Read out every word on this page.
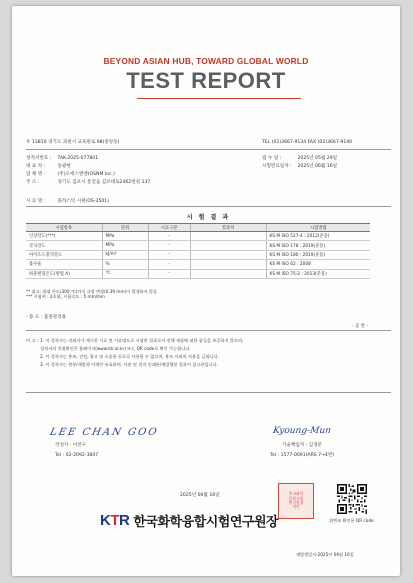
BEYOND ASIAN HUB, TOWARD GLOBAL WORLD
TEST REPORT
우 13810 경기도 과천시 교육원로 98(중앙동)	TEL (02)3667-9134 FAX (02)3667-9140
성적서번호 : TAK-2025-077801
대 표 자 :	송광현
업 체 명 :	(주)오에스엔엔(OSNM Inc.)
주 소 :	경기도 김포시 통진읍 김포대로2462번길 137
접 수 일 :	2025년 05월 29일
시험완료일자 : 2025년 06월 16일
시 료 명 :	플라스틱 시편(OS-2501)
시 험 결 과
시험항목	단위	시료구분	결과치	시험방법
인장강도(***)	MPa	-		KS M ISO 527-4 : 2012(준용)
굴곡강도	MPa	-		KS M ISO 178 : 2019(준용)
아이조드충격강도	kJ/m²	-		KS M ISO 180 : 2019(준용)
흡수율	%	-		KS M ISO 62 : 2008
하중변형온도(방법 A)	℃	-		KS M ISO 75-2 : 2013(준용)
** 참고: 최대 온도(300 ℃)까지 규정 변형(0.39 mm)이 발생하지 않음
*** 시험편 : 2호형, 시험속도 : 5 mm/min
- 용 도 : 품질관리용
- 공 란 -
비 고 : 1. 이 성적서는 의뢰자가 제시한 시료 및 시료명으로 시험한 결과로서 전체 제품에 대한 품질을 보증하지 않으며,
성적서의 진위확인은 홈페이지(www.ktr.or.kr) 또는 QR code로 확인 가능합니다.
2. 이 성적서는 홍보, 선전, 광고 및 소송용 등으로 사용될 수 없으며, 용도 이외의 사용을 금합니다.
3. 이 성적서는 원본/재발행 이력만 유효하며, 사본 및 전자 인쇄본/재발행본 결과서 참고용입니다.
LEE CHAN GOO	Kyoung-Mun
작성자 : 이찬구	기술책임자 : 김경문
Tel : 02-2092-3847	Tel : 1577-0091(ARS 7→4번)
2025년 06월 16일
KTR 한국화학융합시험연구원장
한국화학
융합시험
연구원장
직인
위변조 확인용 QR code
재발행일자:2025년 06월 16일
